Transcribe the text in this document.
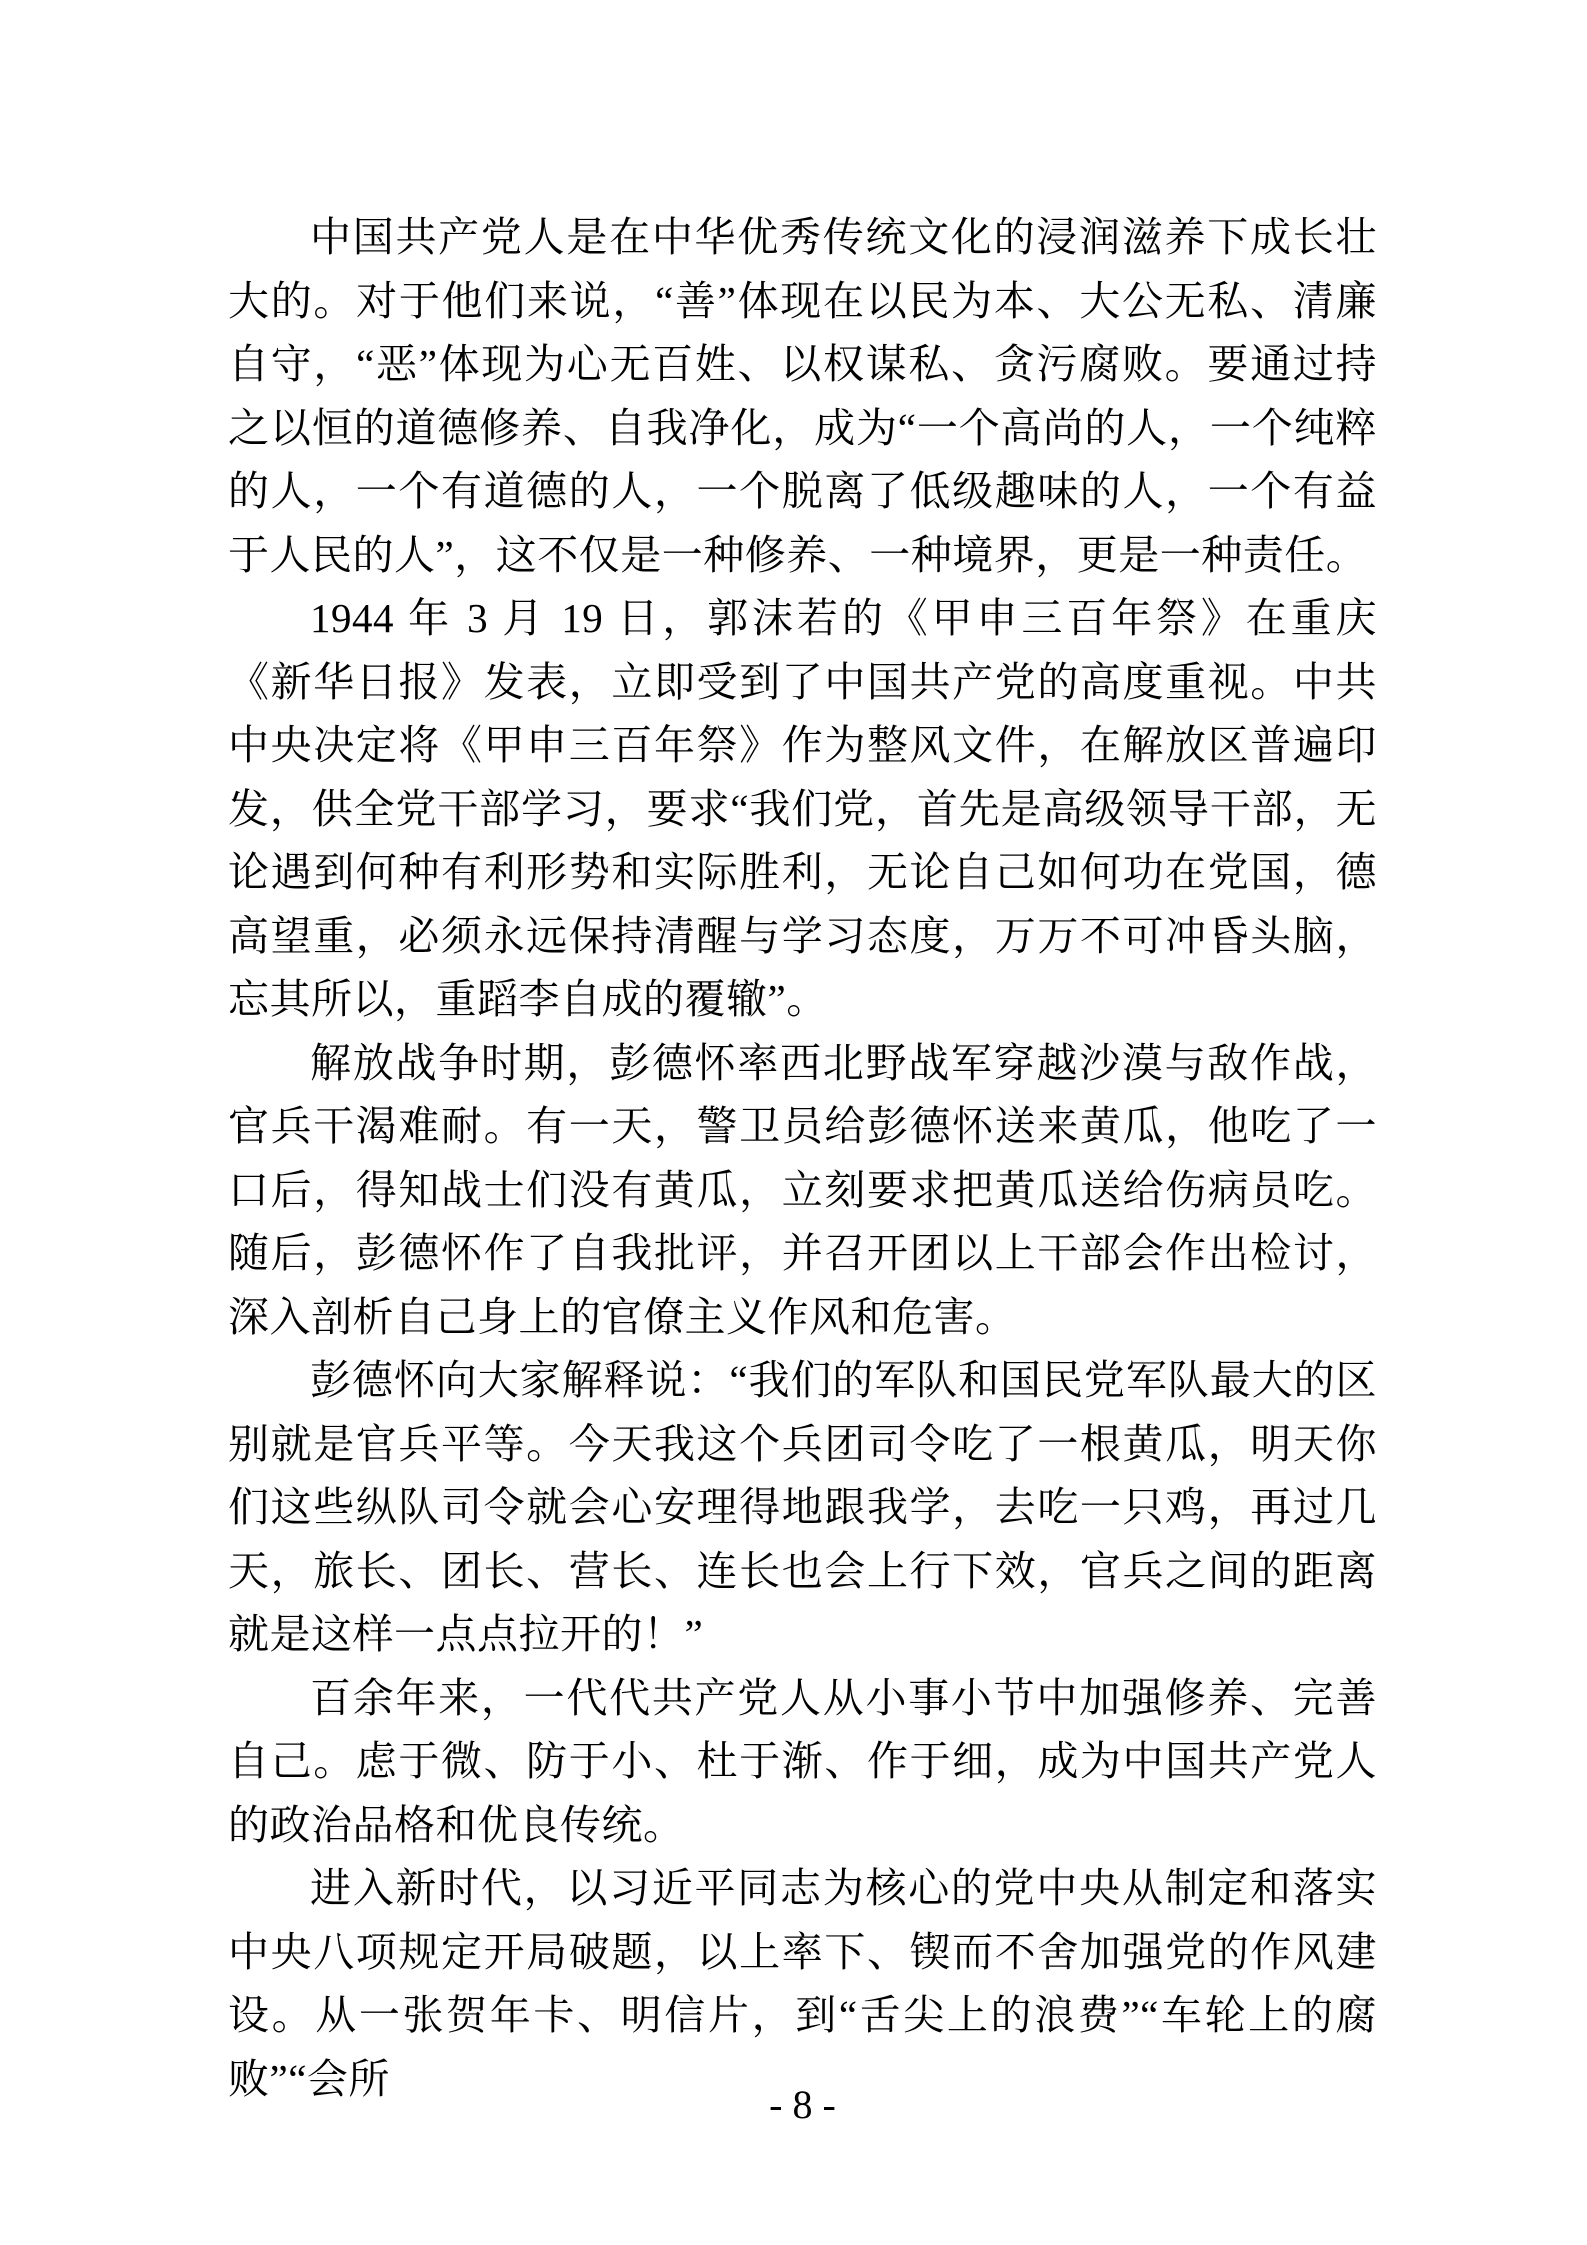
中国共产党人是在中华优秀传统文化的浸润滋养下成长壮大的。对于他们来说，“善”体现在以民为本、大公无私、清廉自守，“恶”体现为心无百姓、以权谋私、贪污腐败。要通过持之以恒的道德修养、自我净化，成为“一个高尚的人，一个纯粹的人，一个有道德的人，一个脱离了低级趣味的人，一个有益于人民的人”，这不仅是一种修养、一种境界，更是一种责任。

1944 年 3 月 19 日，郭沫若的《甲申三百年祭》在重庆《新华日报》发表，立即受到了中国共产党的高度重视。中共中央决定将《甲申三百年祭》作为整风文件，在解放区普遍印发，供全党干部学习，要求“我们党，首先是高级领导干部，无论遇到何种有利形势和实际胜利，无论自己如何功在党国，德高望重，必须永远保持清醒与学习态度，万万不可冲昏头脑，忘其所以，重蹈李自成的覆辙”。

解放战争时期，彭德怀率西北野战军穿越沙漠与敌作战，官兵干渴难耐。有一天，警卫员给彭德怀送来黄瓜，他吃了一口后，得知战士们没有黄瓜，立刻要求把黄瓜送给伤病员吃。随后，彭德怀作了自我批评，并召开团以上干部会作出检讨，深入剖析自己身上的官僚主义作风和危害。

彭德怀向大家解释说：“我们的军队和国民党军队最大的区别就是官兵平等。今天我这个兵团司令吃了一根黄瓜，明天你们这些纵队司令就会心安理得地跟我学，去吃一只鸡，再过几天，旅长、团长、营长、连长也会上行下效，官兵之间的距离就是这样一点点拉开的！”

百余年来，一代代共产党人从小事小节中加强修养、完善自己。虑于微、防于小、杜于渐、作于细，成为中国共产党人的政治品格和优良传统。

进入新时代，以习近平同志为核心的党中央从制定和落实中央八项规定开局破题，以上率下、锲而不舍加强党的作风建设。从一张贺年卡、明信片，到“舌尖上的浪费”“车轮上的腐败”“会所

- 8 -
